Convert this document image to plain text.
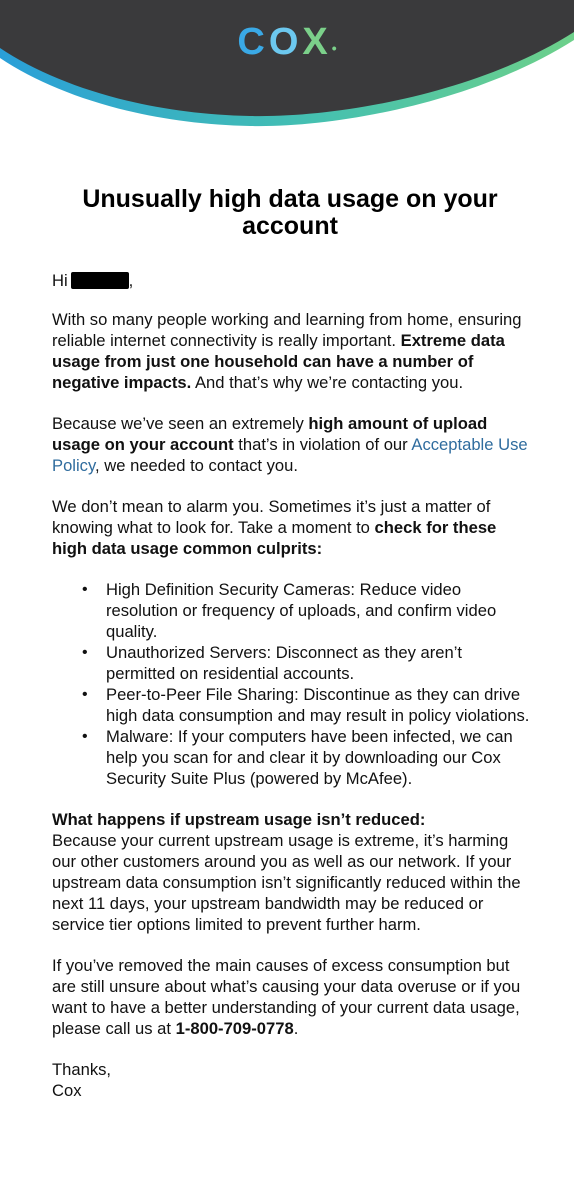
COX•
Unusually high data usage on your account

Hi	,

With so many people working and learning from home, ensuring reliable internet connectivity is really important. Extreme data usage from just one household can have a number of negative impacts. And that’s why we’re contacting you.

Because we’ve seen an extremely high amount of upload usage on your account that’s in violation of our Acceptable Use Policy, we needed to contact you.

We don’t mean to alarm you. Sometimes it’s just a matter of knowing what to look for. Take a moment to check for these high data usage common culprits:

• High Definition Security Cameras: Reduce video resolution or frequency of uploads, and confirm video quality.
• Unauthorized Servers: Disconnect as they aren’t permitted on residential accounts.
• Peer-to-Peer File Sharing: Discontinue as they can drive high data consumption and may result in policy violations.
• Malware: If your computers have been infected, we can help you scan for and clear it by downloading our Cox Security Suite Plus (powered by McAfee).

What happens if upstream usage isn’t reduced:
Because your current upstream usage is extreme, it’s harming our other customers around you as well as our network. If your upstream data consumption isn’t significantly reduced within the next 11 days, your upstream bandwidth may be reduced or service tier options limited to prevent further harm.

If you’ve removed the main causes of excess consumption but are still unsure about what’s causing your data overuse or if you want to have a better understanding of your current data usage, please call us at 1-800-709-0778.

Thanks,

Cox
